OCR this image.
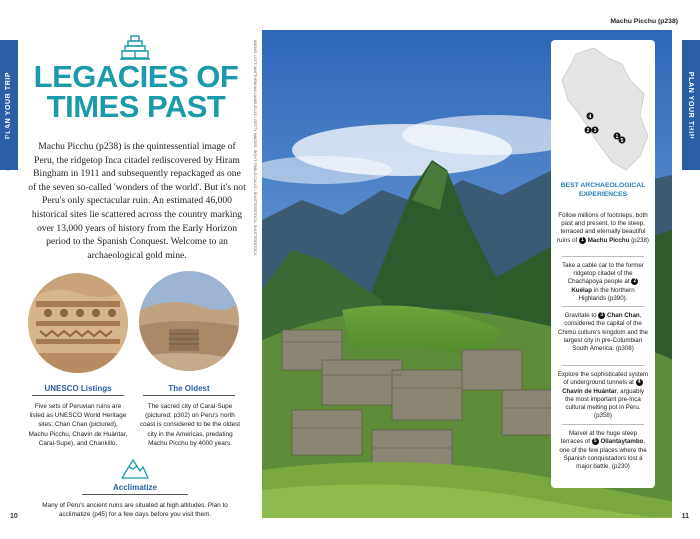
PLAN YOUR TRIP
OUR PICKS
PLAN YOUR TRIP
OUR PICKS
LEGACIES OF
TIMES PAST
Machu Picchu (p238) is the quintessential image of Peru, the ridgetop Inca citadel rediscovered by Hiram Bingham in 1911 and subsequently repackaged as one of the seven so-called 'wonders of the world'. But it's not Peru's only spectacular ruin. An estimated 46,000 historical sites lie scattered across the country marking over 13,000 years of history from the Early Horizon period to the Spanish Conquest. Welcome to an archaeological gold mine.
UNESCO Listings
Five sets of Peruvian ruins are listed as UNESCO World Heritage sites: Chan Chan (pictured), Machu Picchu, Chavín de Huántar, Caral-Supe), and Chankillo.
The Oldest
The sacred city of Caral-Supe (pictured; p302) on Peru's north coast is considered to be the oldest city in the Americas, predating Machu Picchu by 4000 years.
Acclimatize
Many of Peru's ancient ruins are situated at high altitudes. Plan to acclimatize (p45) for a few days before you visit them.
10	11
ABOVE: LEFT: MATTHEW WILLIAMS-ELLIS / GETTY IMAGES, RIGHT: PABLO CALLE / SHUTTERSTOCK, SHUTTERSTOCK
Machu Picchu (p238)
4
2 3
1
5
BEST ARCHAEOLOGICAL EXPERIENCES
Follow millions of footsteps, both past and present, to the steep, terraced and eternally beautiful ruins of 1 Machu Picchu (p238)
Take a cable car to the former ridgetop citadel of the Chachapoya people at 2 Kuélap in the Northern Highlands (p390).
Gravitate to 3 Chan Chan, considered the capital of the Chimú culture's kingdom and the largest city in pre-Columbian South America. (p308)
Explore the sophisticated system of underground tunnels at 4 Chavín de Huántar, arguably the most important pre-Inca cultural melting pot in Peru. (p358)
Marvel at the huge steep terraces of 5 Ollantaytambo, one of the few places where the Spanish conquistadors lost a major battle. (p230)
